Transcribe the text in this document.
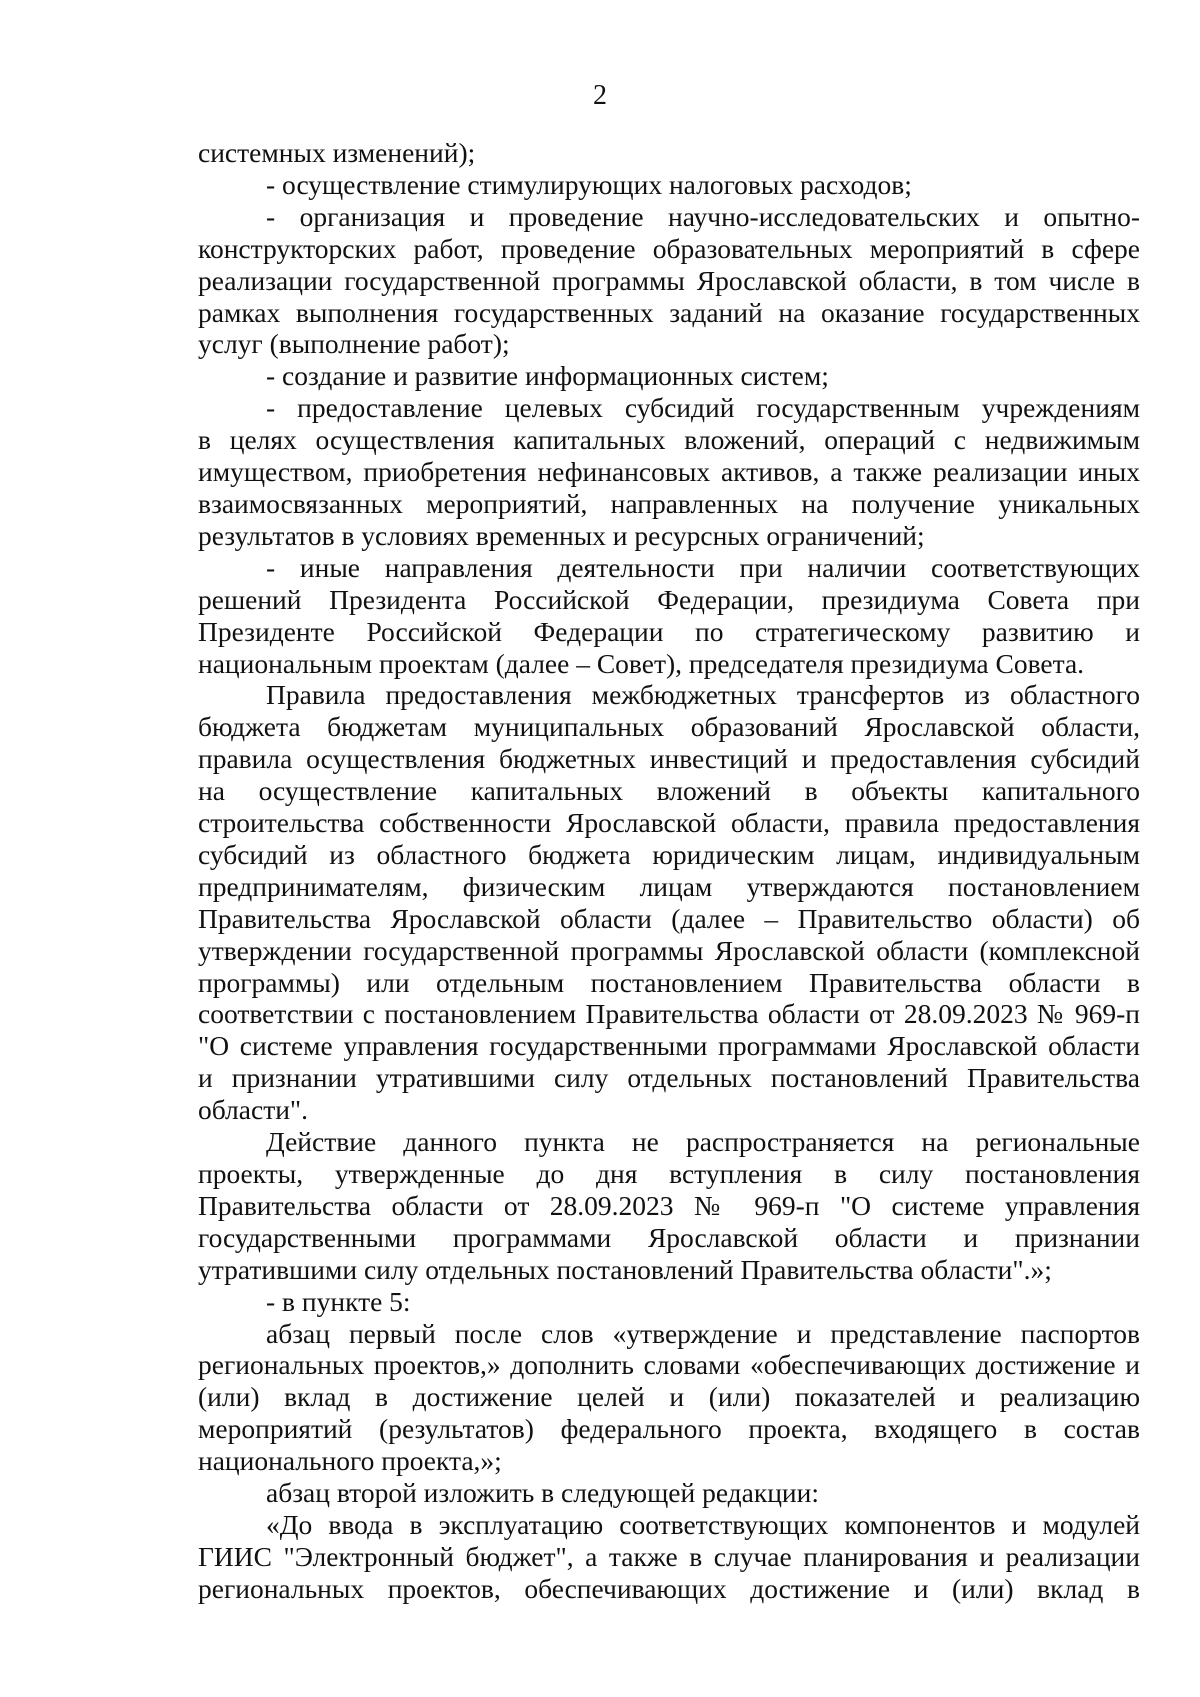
2

системных изменений);

- осуществление стимулирующих налоговых расходов;

- организация и проведение научно-исследовательских и опытно-

конструкторских работ, проведение образовательных мероприятий в сфере

реализации государственной программы Ярославской области, в том числе в

рамках выполнения государственных заданий на оказание государственных

услуг (выполнение работ);

- создание и развитие информационных систем;

- предоставление целевых субсидий государственным учреждениям

в целях осуществления капитальных вложений, операций с недвижимым

имуществом, приобретения нефинансовых активов, а также реализации иных

взаимосвязанных мероприятий, направленных на получение уникальных

результатов в условиях временных и ресурсных ограничений;

- иные направления деятельности при наличии соответствующих

решений Президента Российской Федерации, президиума Совета при

Президенте Российской Федерации по стратегическому развитию и

национальным проектам (далее – Совет), председателя президиума Совета.

Правила предоставления межбюджетных трансфертов из областного

бюджета бюджетам муниципальных образований Ярославской области,

правила осуществления бюджетных инвестиций и предоставления субсидий

на осуществление капитальных вложений в объекты капитального

строительства собственности Ярославской области, правила предоставления

субсидий из областного бюджета юридическим лицам, индивидуальным

предпринимателям, физическим лицам утверждаются постановлением

Правительства Ярославской области (далее – Правительство области) об

утверждении государственной программы Ярославской области (комплексной

программы) или отдельным постановлением Правительства области в

соответствии с постановлением Правительства области от 28.09.2023 № 969-п

"О системе управления государственными программами Ярославской области

и признании утратившими силу отдельных постановлений Правительства

области".

Действие данного пункта не распространяется на региональные

проекты, утвержденные до дня вступления в силу постановления

Правительства области от 28.09.2023 № 969-п "О системе управления

государственными программами Ярославской области и признании

утратившими силу отдельных постановлений Правительства области".»;

- в пункте 5:

абзац первый после слов «утверждение и представление паспортов

региональных проектов,» дополнить словами «обеспечивающих достижение и

(или) вклад в достижение целей и (или) показателей и реализацию

мероприятий (результатов) федерального проекта, входящего в состав

национального проекта,»;

абзац второй изложить в следующей редакции:

«До ввода в эксплуатацию соответствующих компонентов и модулей

ГИИС "Электронный бюджет", а также в случае планирования и реализации

региональных проектов, обеспечивающих достижение и (или) вклад в
